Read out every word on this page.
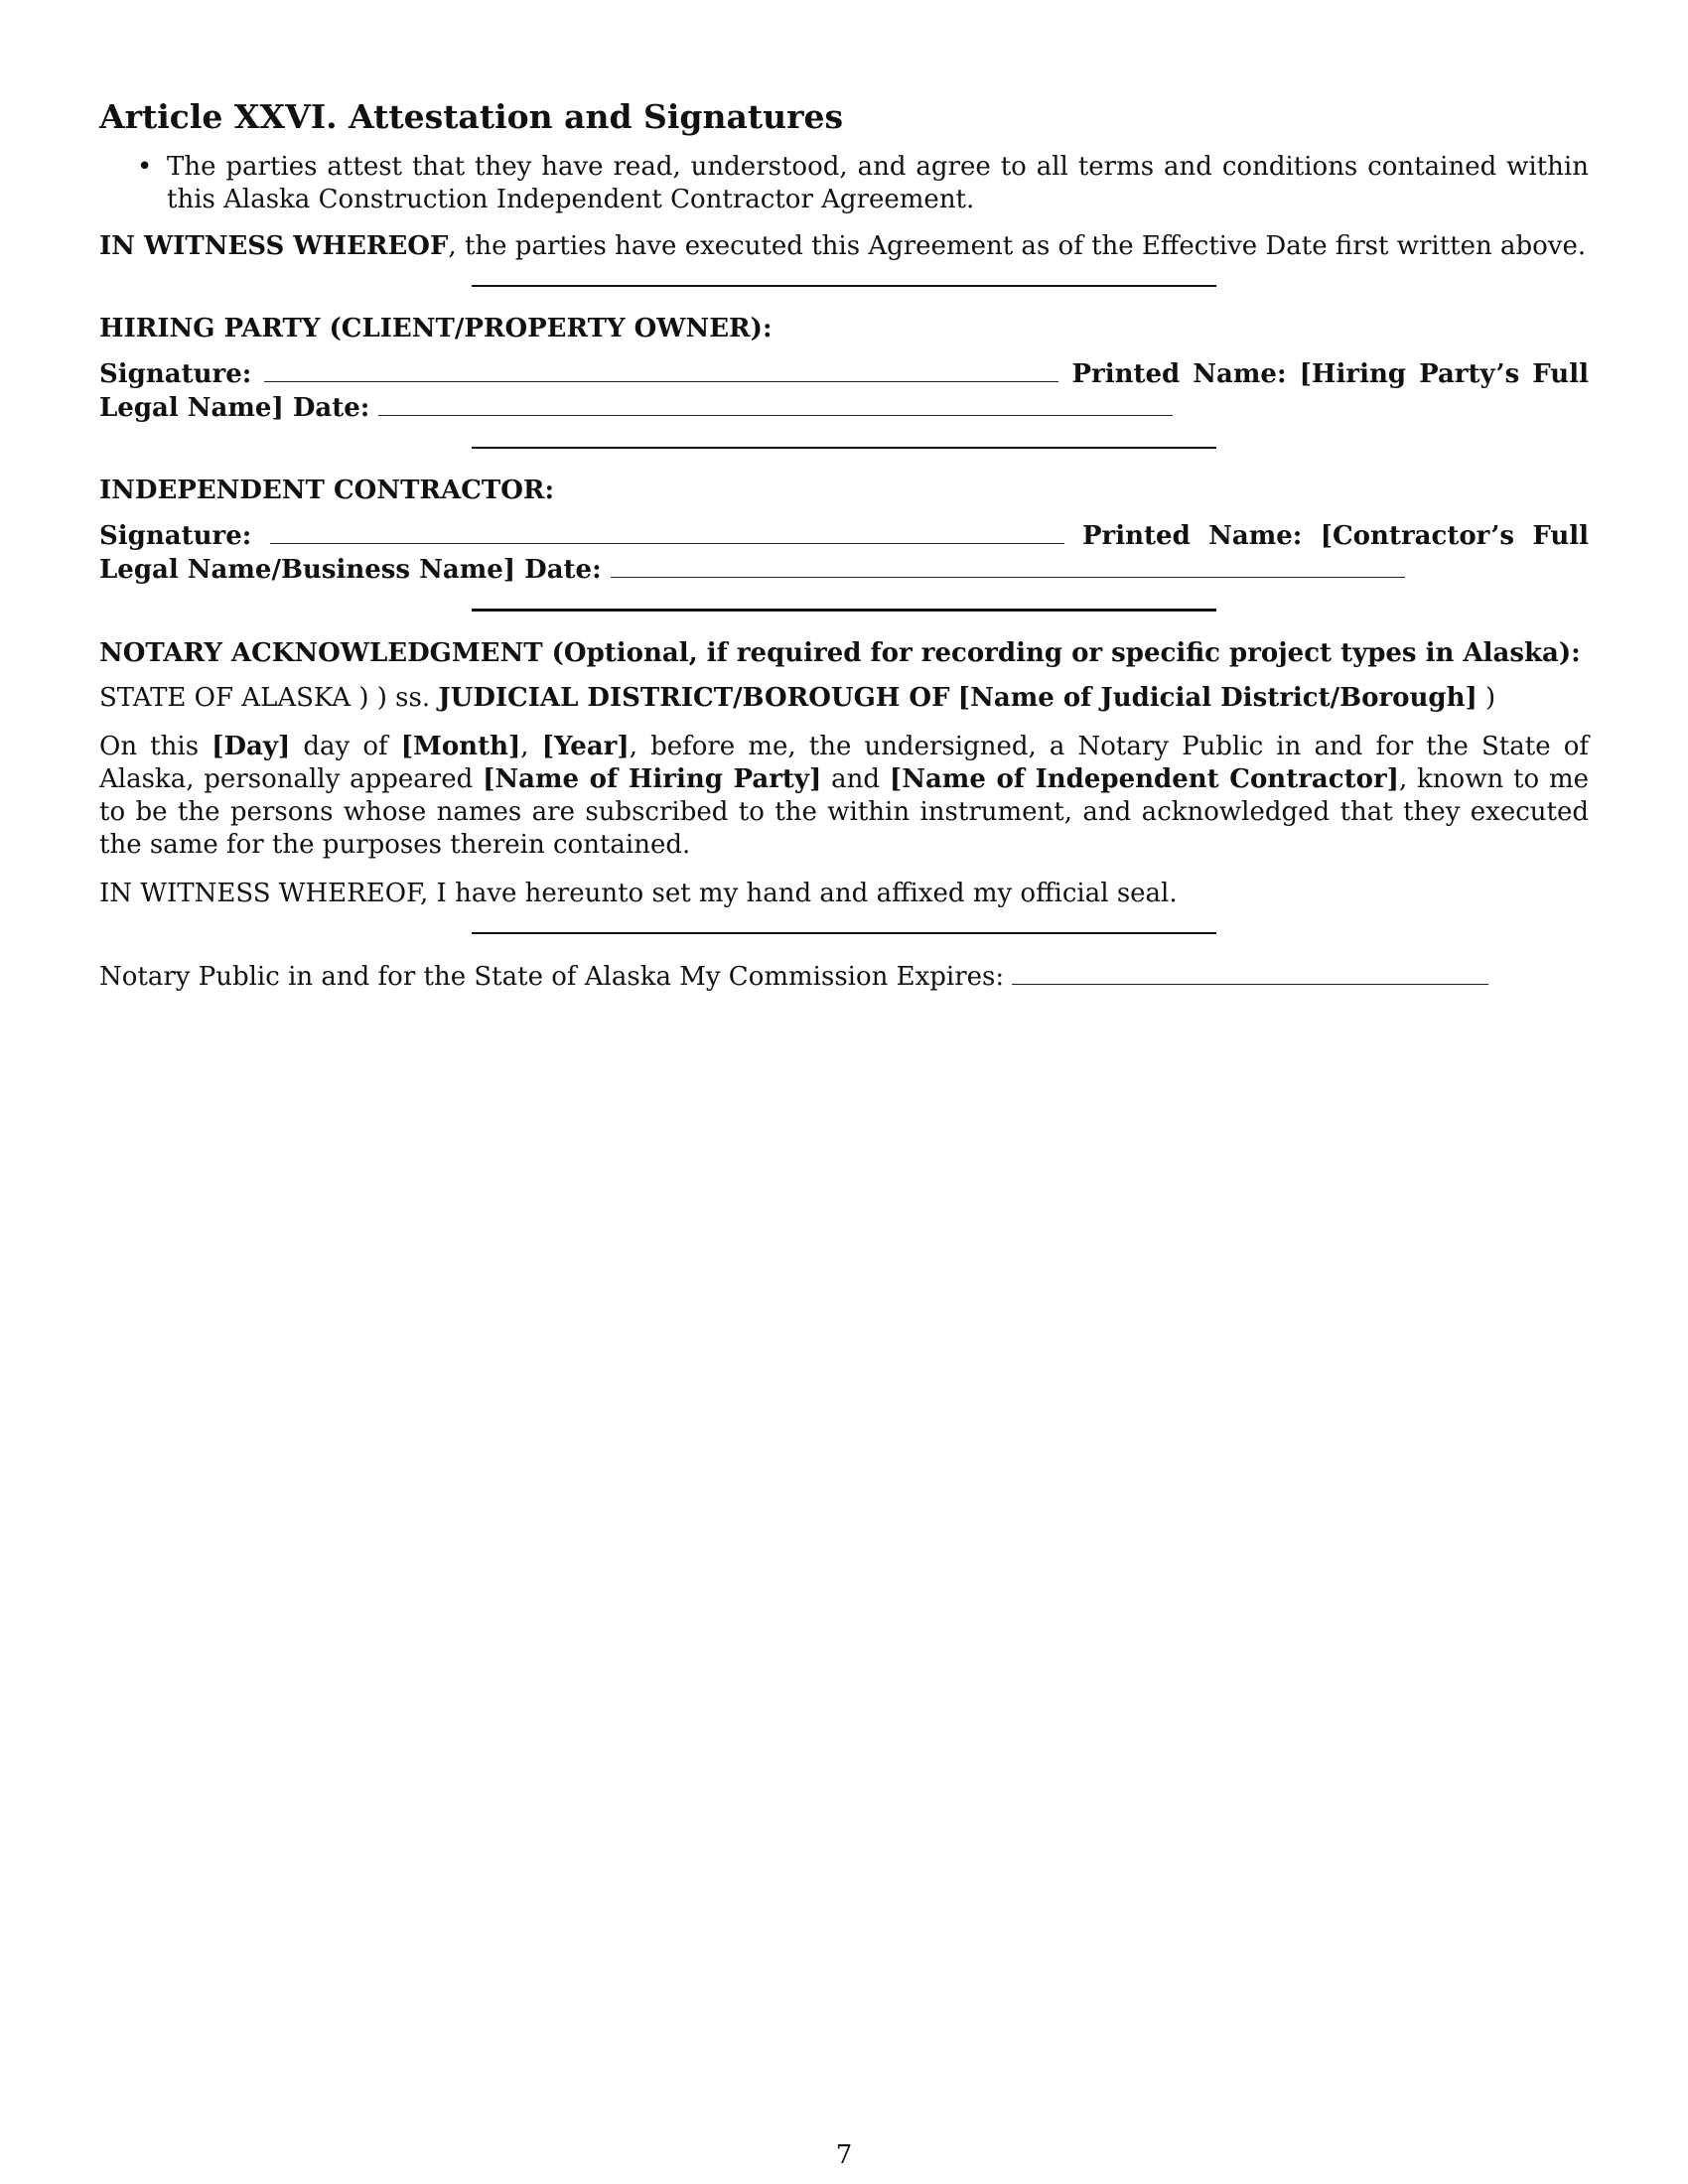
Article XXVI. Attestation and Signatures
• The parties attest that they have read, understood, and agree to all terms and conditions contained within this Alaska Construction Independent Contractor Agreement.

IN WITNESS WHEREOF, the parties have executed this Agreement as of the Effective Date first written above.

HIRING PARTY (CLIENT/PROPERTY OWNER):
Signature:	Printed Name: [Hiring Party’s Full Legal Name] Date:
INDEPENDENT CONTRACTOR:
Signature:	Printed Name: [Contractor’s Full Legal Name/Business Name] Date:
NOTARY ACKNOWLEDGMENT (Optional, if required for recording or specific project types in Alaska):

STATE OF ALASKA ) ) ss. JUDICIAL DISTRICT/BOROUGH OF [Name of Judicial District/Borough] )

On this [Day] day of [Month], [Year], before me, the undersigned, a Notary Public in and for the State of Alaska, personally appeared [Name of Hiring Party] and [Name of Independent Contractor], known to me to be the persons whose names are subscribed to the within instrument, and acknowledged that they executed the same for the purposes therein contained.

IN WITNESS WHEREOF, I have hereunto set my hand and affixed my official seal.

Notary Public in and for the State of Alaska My Commission Expires:

7
